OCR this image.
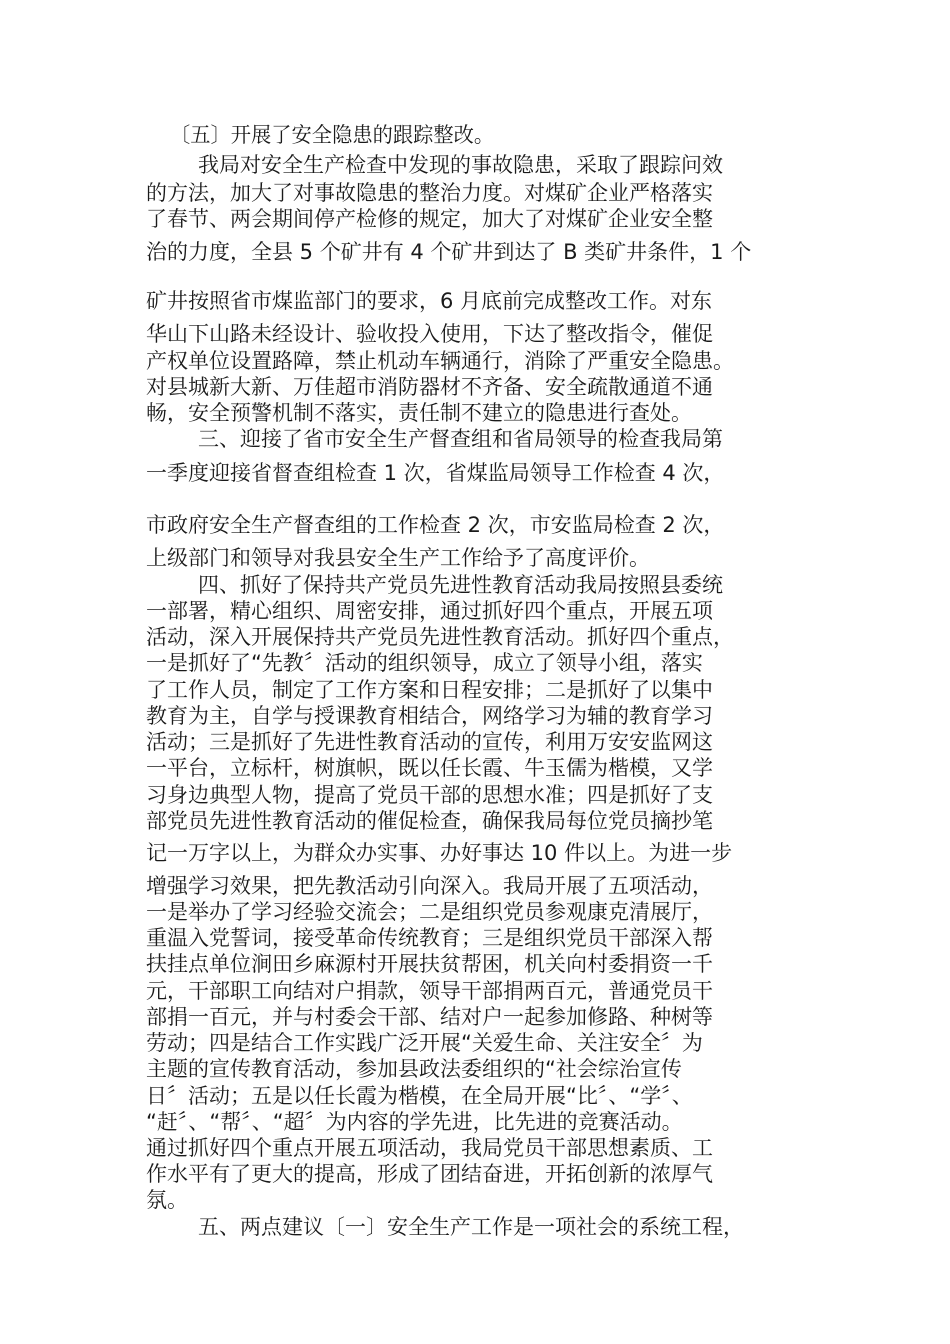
〔五〕开展了安全隐患的跟踪整改。
我局对安全生产检查中发现的事故隐患，采取了跟踪问效
的方法，加大了对事故隐患的整治力度。对煤矿企业严格落实
了春节、两会期间停产检修的规定，加大了对煤矿企业安全整
治的力度，全县 5 个矿井有 4 个矿井到达了 B 类矿井条件，1 个
矿井按照省市煤监部门的要求，6 月底前完成整改工作。对东
华山下山路未经设计、验收投入使用，下达了整改指令，催促
产权单位设置路障，禁止机动车辆通行，消除了严重安全隐患。
对县城新大新、万佳超市消防器材不齐备、安全疏散通道不通
畅，安全预警机制不落实，责任制不建立的隐患进行查处。
三、迎接了省市安全生产督查组和省局领导的检查我局第
一季度迎接省督查组检查 1 次，省煤监局领导工作检查 4 次，
市政府安全生产督查组的工作检查 2 次，市安监局检查 2 次，
上级部门和领导对我县安全生产工作给予了高度评价。
四、抓好了保持共产党员先进性教育活动我局按照县委统
一部署，精心组织、周密安排，通过抓好四个重点，开展五项
活动，深入开展保持共产党员先进性教育活动。抓好四个重点，
一是抓好了“先教〞活动的组织领导，成立了领导小组，落实
了工作人员，制定了工作方案和日程安排；二是抓好了以集中
教育为主，自学与授课教育相结合，网络学习为辅的教育学习
活动；三是抓好了先进性教育活动的宣传，利用万安安监网这
一平台，立标杆，树旗帜，既以任长霞、牛玉儒为楷模，又学
习身边典型人物，提高了党员干部的思想水准；四是抓好了支
部党员先进性教育活动的催促检查，确保我局每位党员摘抄笔
记一万字以上，为群众办实事、办好事达 10 件以上。为进一步
增强学习效果，把先教活动引向深入。我局开展了五项活动，
一是举办了学习经验交流会；二是组织党员参观康克清展厅，
重温入党誓词，接受革命传统教育；三是组织党员干部深入帮
扶挂点单位涧田乡麻源村开展扶贫帮困，机关向村委捐资一千
元，干部职工向结对户捐款，领导干部捐两百元，普通党员干
部捐一百元，并与村委会干部、结对户一起参加修路、种树等
劳动；四是结合工作实践广泛开展“关爱生命、关注安全〞为
主题的宣传教育活动，参加县政法委组织的“社会综治宣传
日〞活动；五是以任长霞为楷模，在全局开展“比〞、“学〞、
“赶〞、“帮〞、“超〞为内容的学先进，比先进的竞赛活动。
通过抓好四个重点开展五项活动，我局党员干部思想素质、工
作水平有了更大的提高，形成了团结奋进，开拓创新的浓厚气
氛。
五、两点建议〔一〕安全生产工作是一项社会的系统工程，
